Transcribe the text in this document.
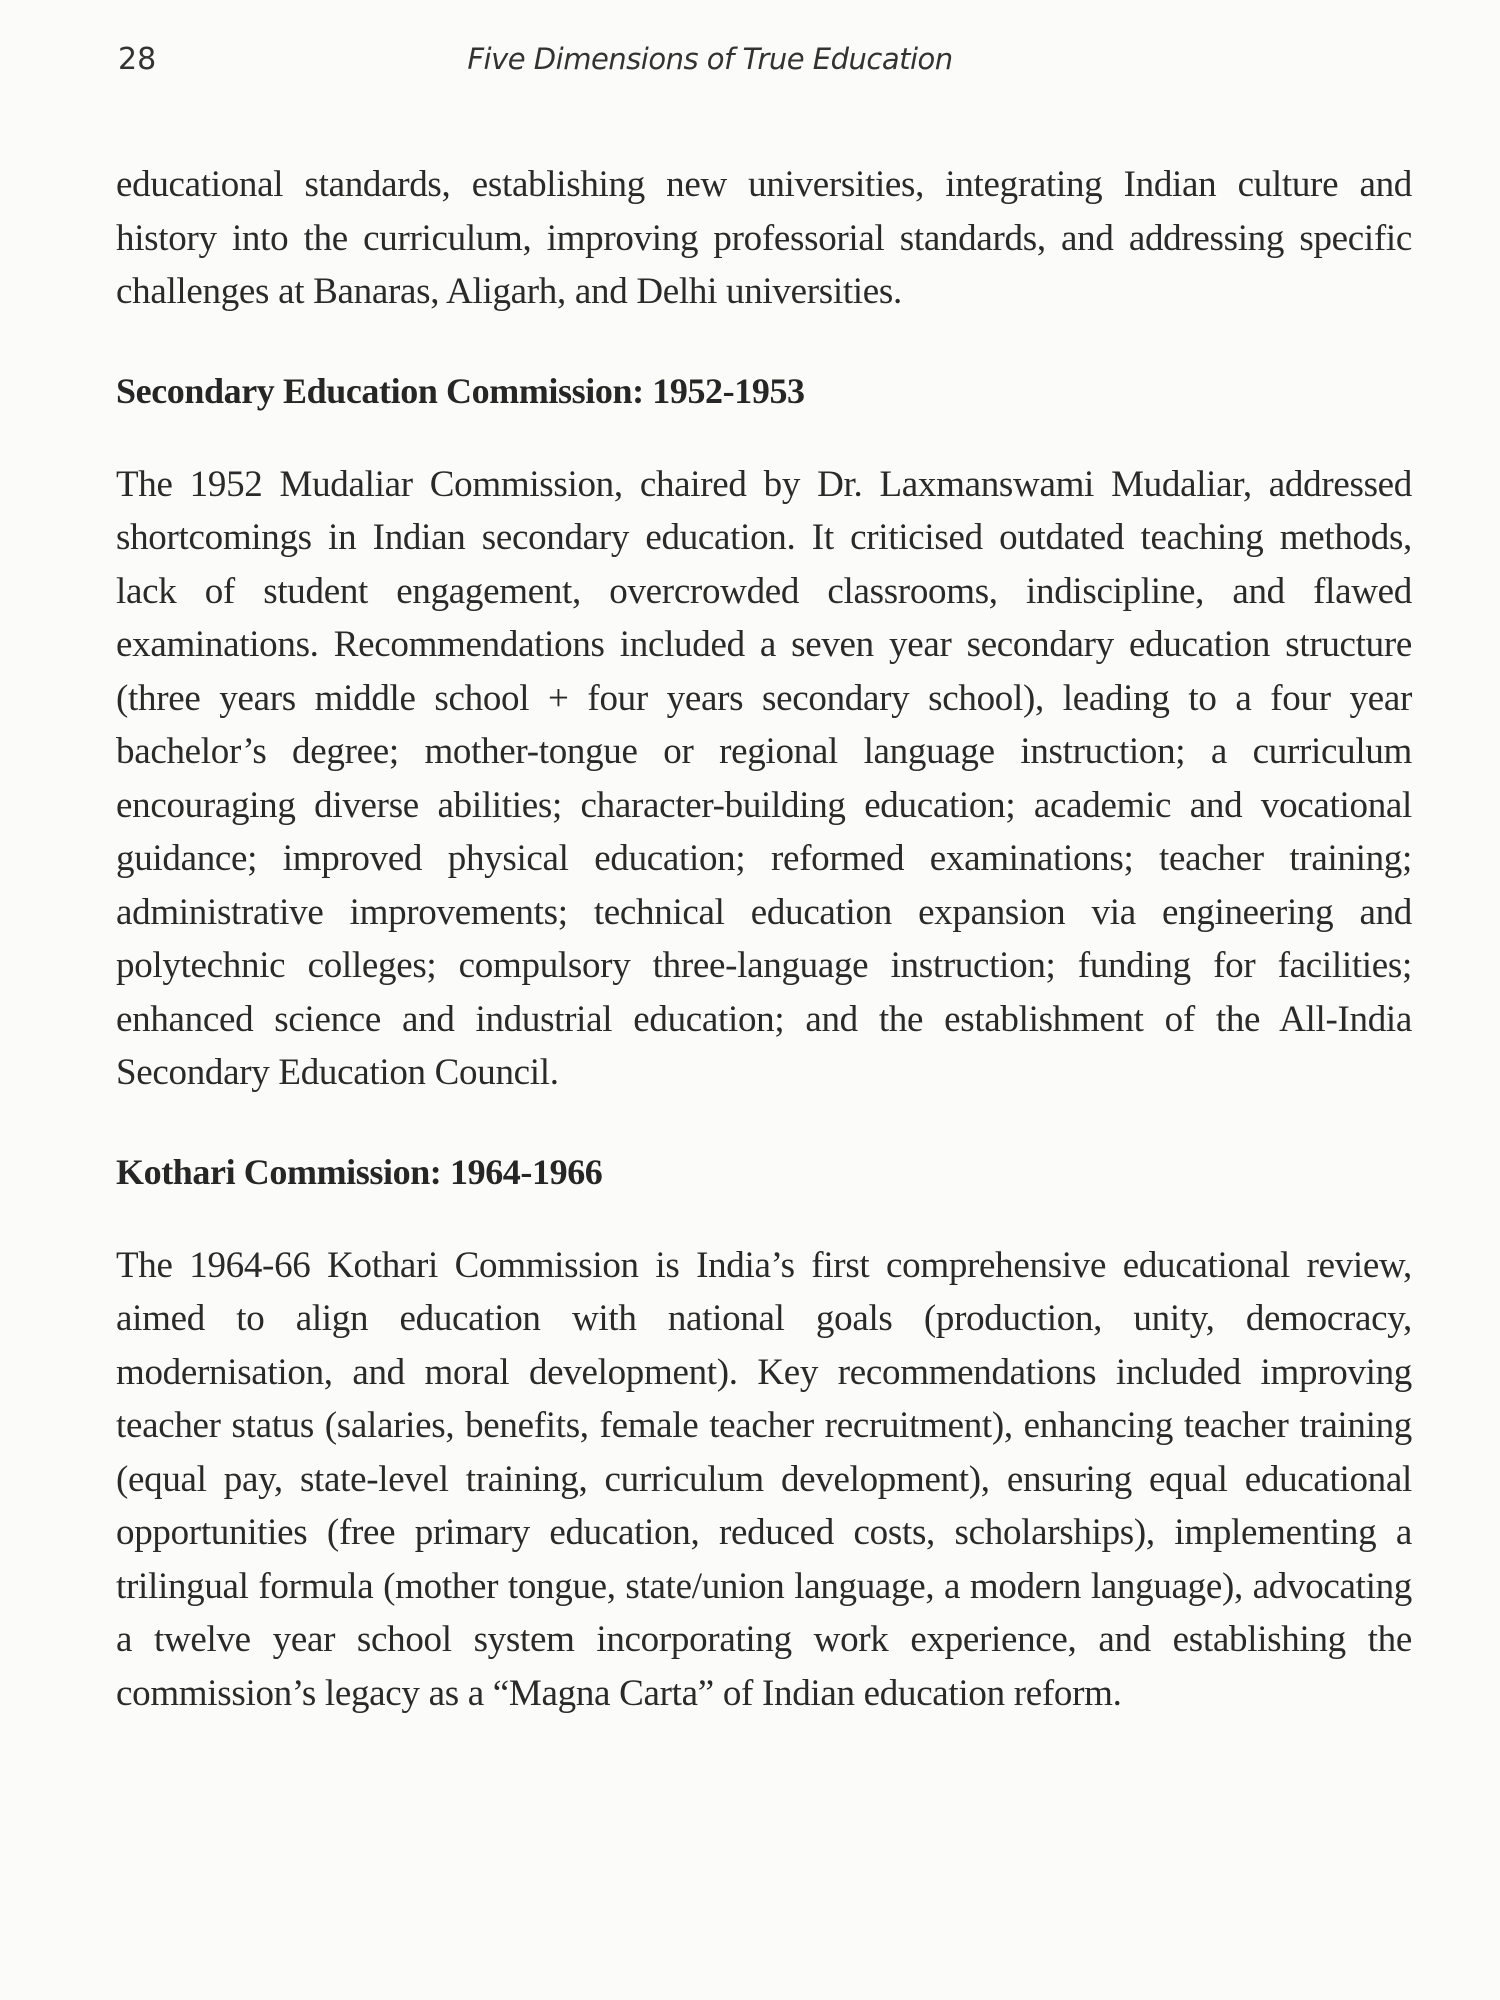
28	Five Dimensions of True Education

educational standards, establishing new universities, integrating Indian culture and history into the curriculum, improving professorial standards, and addressing specific challenges at Banaras, Aligarh, and Delhi universities.

Secondary Education Commission: 1952-1953

The 1952 Mudaliar Commission, chaired by Dr. Laxmanswami Mudaliar, addressed shortcomings in Indian secondary education. It criticised outdated teaching methods, lack of student engagement, overcrowded classrooms, indiscipline, and flawed examinations. Recommendations included a seven year secondary education structure (three years middle school + four years secondary school), leading to a four year bachelor’s degree; mother-tongue or regional language instruction; a curriculum encouraging diverse abilities; character-building education; academic and vocational guidance; improved physical education; reformed examinations; teacher training; administrative improvements; technical education expansion via engineering and polytechnic colleges; compulsory three-language instruction; funding for facilities; enhanced science and industrial education; and the establishment of the All-India Secondary Education Council.

Kothari Commission: 1964-1966

The 1964-66 Kothari Commission is India’s first comprehensive educational review, aimed to align education with national goals (production, unity, democracy, modernisation, and moral development). Key recommendations included improving teacher status (salaries, benefits, female teacher recruitment), enhancing teacher training (equal pay, state-level training, curriculum development), ensuring equal educational opportunities (free primary education, reduced costs, scholarships), implementing a trilingual formula (mother tongue, state/union language, a modern language), advocating a twelve year school system incorporating work experience, and establishing the commission’s legacy as a “Magna Carta” of Indian education reform.
